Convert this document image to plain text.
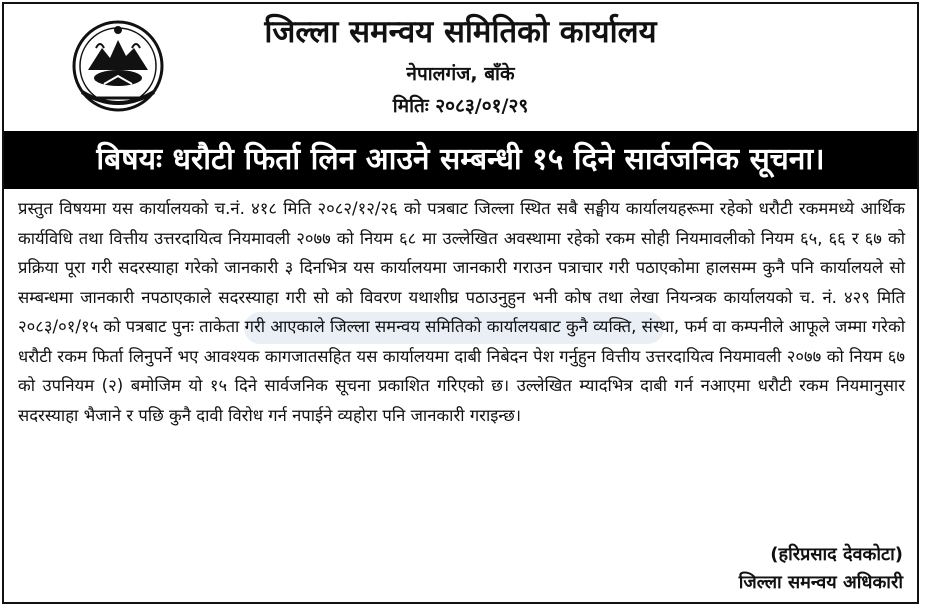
जिल्ला समन्वय समितिको कार्यालय
नेपालगंज, बाँके
मितिः २०८३/०१/२९
बिषयः धरौटी फिर्ता लिन आउने सम्बन्धी १५ दिने सार्वजनिक सूचना।

प्रस्तुत विषयमा यस कार्यालयको च.नं. ४१८ मिति २०८२/१२/२६ को पत्रबाट जिल्ला स्थित सबै सङ्घीय कार्यालयहरूमा रहेको धरौटी रकममध्ये आर्थिक कार्यविधि तथा वित्तीय उत्तरदायित्व नियमावली २०७७ को नियम ६८ मा उल्लेखित अवस्थामा रहेको रकम सोही नियमावलीको नियम ६५, ६६ र ६७ को प्रक्रिया पूरा गरी सदरस्याहा गरेको जानकारी ३ दिनभित्र यस कार्यालयमा जानकारी गराउन पत्राचार गरी पठाएकोमा हालसम्म कुनै पनि कार्यालयले सो सम्बन्धमा जानकारी नपठाएकाले सदरस्याहा गरी सो को विवरण यथाशीघ्र पठाउनुहुन भनी कोष तथा लेखा नियन्त्रक कार्यालयको च. नं. ४२९ मिति २०८३/०१/१५ को पत्रबाट पुनः ताकेता गरी आएकाले जिल्ला समन्वय समितिको कार्यालयबाट कुनै व्यक्ति, संस्था, फर्म वा कम्पनीले आफूले जम्मा गरेको धरौटी रकम फिर्ता लिनुपर्ने भए आवश्यक कागजातसहित यस कार्यालयमा दाबी निबेदन पेश गर्नुहुन वित्तीय उत्तरदायित्व नियमावली २०७७ को नियम ६७ को उपनियम (२) बमोजिम यो १५ दिने सार्वजनिक सूचना प्रकाशित गरिएको छ। उल्लेखित म्यादभित्र दाबी गर्न नआएमा धरौटी रकम नियमानुसार सदरस्याहा भैजाने र पछि कुनै दावी विरोध गर्न नपाईने व्यहोरा पनि जानकारी गराइन्छ।

(हरिप्रसाद देवकोटा)
जिल्ला समन्वय अधिकारी
